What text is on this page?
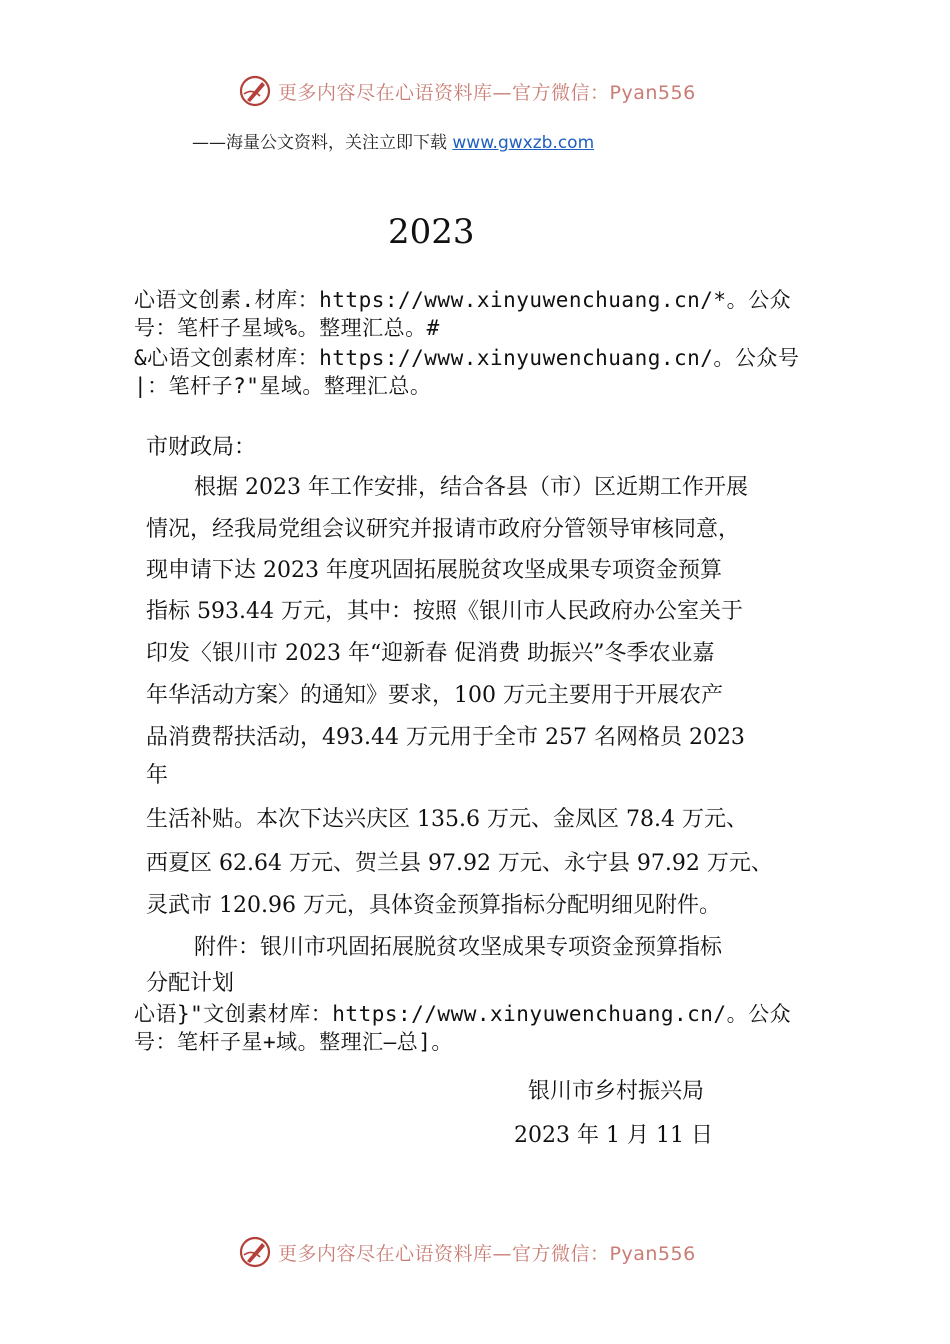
更多内容尽在心语资料库—官方微信：Pyan556
——海量公文资料，关注立即下载 www.gwxzb.com
2023
心语文创素.材库：https://www.xinyuwenchuang.cn/*。公众
号：笔杆子星域%。整理汇总。#
&心语文创素材库：https://www.xinyuwenchuang.cn/。公众号
|：笔杆子?"星域。整理汇总。
市财政局：
根据 2023 年工作安排，结合各县（市）区近期工作开展
情况，经我局党组会议研究并报请市政府分管领导审核同意，
现申请下达 2023 年度巩固拓展脱贫攻坚成果专项资金预算
指标 593.44 万元，其中：按照《银川市人民政府办公室关于
印发〈银川市 2023 年“迎新春 促消费 助振兴”冬季农业嘉
年华活动方案〉的通知》要求，100 万元主要用于开展农产
品消费帮扶活动，493.44 万元用于全市 257 名网格员 2023
年
生活补贴。本次下达兴庆区 135.6 万元、金凤区 78.4 万元、
西夏区 62.64 万元、贺兰县 97.92 万元、永宁县 97.92 万元、
灵武市 120.96 万元，具体资金预算指标分配明细见附件。
附件：银川市巩固拓展脱贫攻坚成果专项资金预算指标
分配计划
心语}"文创素材库：https://www.xinyuwenchuang.cn/。公众
号：笔杆子星+域。整理汇—总]。
银川市乡村振兴局
2023 年 1 月 11 日
更多内容尽在心语资料库—官方微信：Pyan556
